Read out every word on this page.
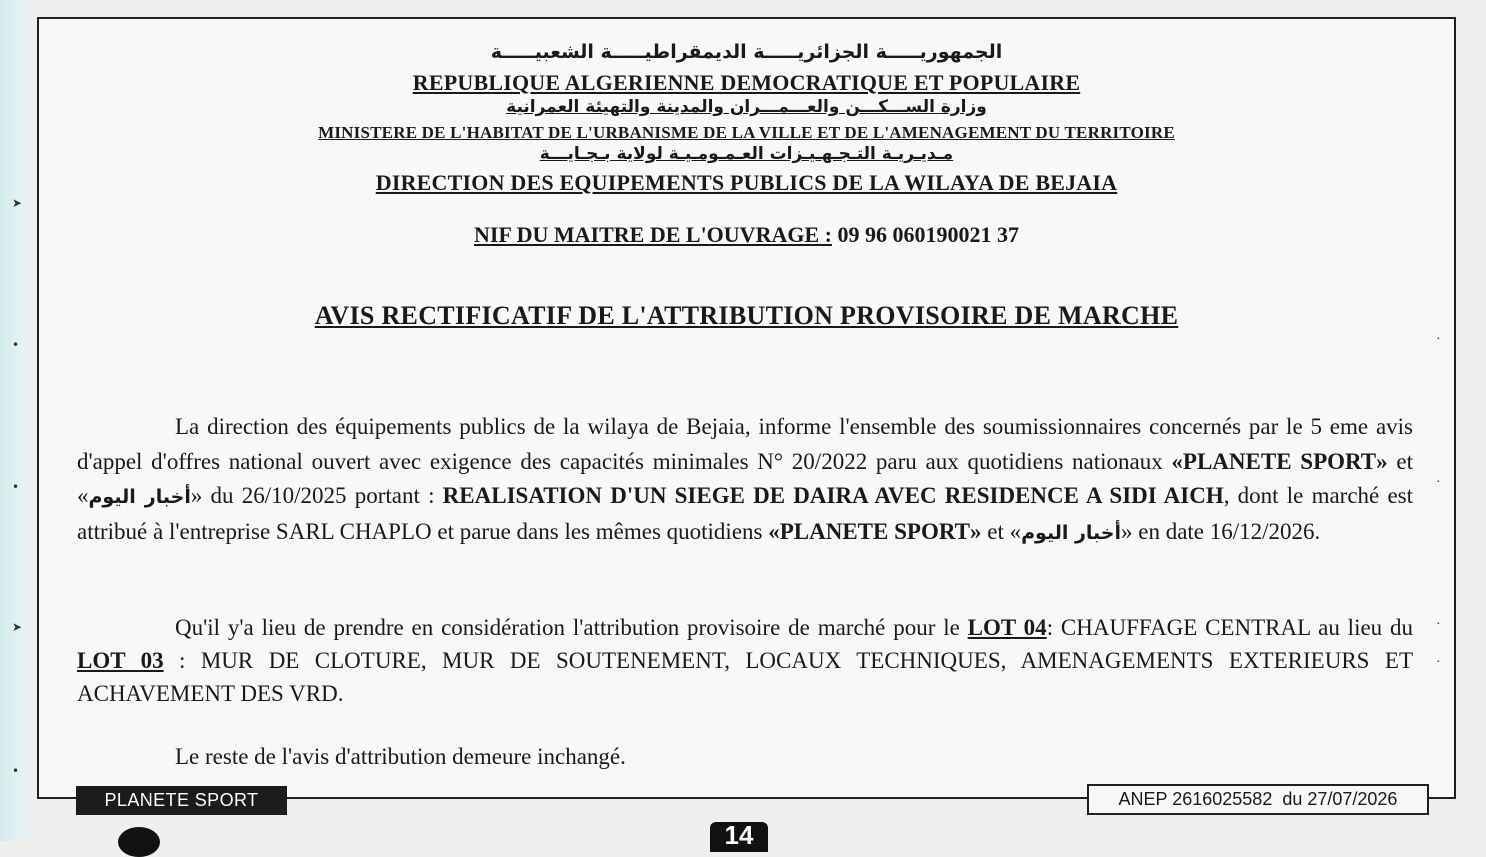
➤
•
•
➤
•
الجمهوريـــــة الجزائريـــــة الديمقراطيـــــة الشعبيـــــة
REPUBLIQUE ALGERIENNE DEMOCRATIQUE ET POPULAIRE
وزارة الســـكـــن والعـــمـــران والمدينة والتهيئة العمرانية
MINISTERE DE L'HABITAT DE L'URBANISME DE LA VILLE ET DE L'AMENAGEMENT DU TERRITOIRE
مـديـريـة التـجـهـيـزات العـمـومـيـة لولاية بـجـايـــة
DIRECTION DES EQUIPEMENTS PUBLICS DE LA WILAYA DE BEJAIA
NIF DU MAITRE DE L'OUVRAGE : 09 96 060190021 37
AVIS RECTIFICATIF DE L'ATTRIBUTION PROVISOIRE DE MARCHE
La direction des équipements publics de la wilaya de Bejaia, informe l'ensemble des soumissionnaires concernés par le 5 eme avis d'appel d'offres national ouvert avec exigence des capacités minimales N° 20/2022 paru aux quotidiens nationaux «PLANETE SPORT» et «أخبار اليوم» du 26/10/2025 portant : REALISATION D'UN SIEGE DE DAIRA AVEC RESIDENCE A SIDI AICH, dont le marché est attribué à l'entreprise SARL CHAPLO et parue dans les mêmes quotidiens «PLANETE SPORT» et «أخبار اليوم» en date 16/12/2026.
Qu'il y'a lieu de prendre en considération l'attribution provisoire de marché pour le LOT 04: CHAUFFAGE CENTRAL au lieu du LOT 03 : MUR DE CLOTURE, MUR DE SOUTENEMENT, LOCAUX TECHNIQUES, AMENAGEMENTS EXTERIEURS ET ACHAVEMENT DES VRD.
Le reste de l'avis d'attribution demeure inchangé.
·
·
·
·
PLANETE SPORT	ANEP 2616025582  du 27/07/2026
14
